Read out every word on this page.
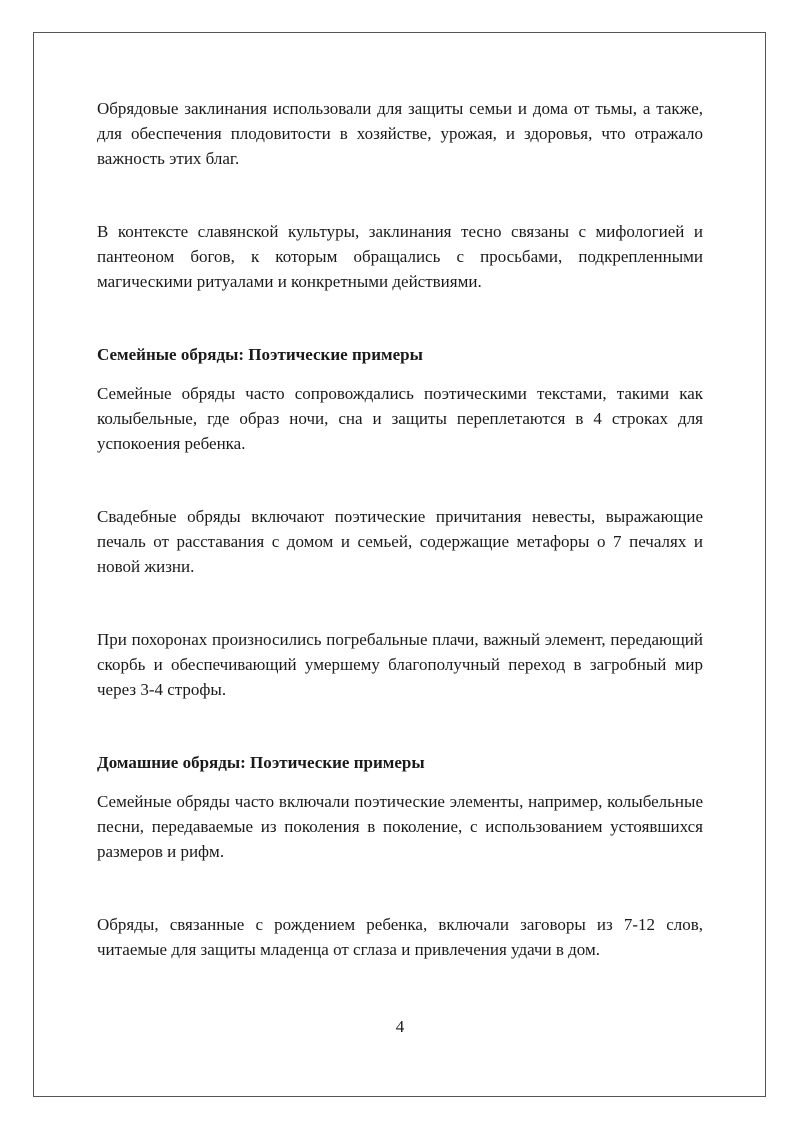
Обрядовые заклинания использовали для защиты семьи и дома от тьмы, а также, для обеспечения плодовитости в хозяйстве, урожая, и здоровья, что отражало важность этих благ.

В контексте славянской культуры, заклинания тесно связаны с мифологией и пантеоном богов, к которым обращались с просьбами, подкрепленными магическими ритуалами и конкретными действиями.

Семейные обряды: Поэтические примеры

Семейные обряды часто сопровождались поэтическими текстами, такими как колыбельные, где образ ночи, сна и защиты переплетаются в 4 строках для успокоения ребенка.

Свадебные обряды включают поэтические причитания невесты, выражающие печаль от расставания с домом и семьей, содержащие метафоры о 7 печалях и новой жизни.

При похоронах произносились погребальные плачи, важный элемент, передающий скорбь и обеспечивающий умершему благополучный переход в загробный мир через 3-4 строфы.

Домашние обряды: Поэтические примеры

Семейные обряды часто включали поэтические элементы, например, колыбельные песни, передаваемые из поколения в поколение, с использованием устоявшихся размеров и рифм.

Обряды, связанные с рождением ребенка, включали заговоры из 7-12 слов, читаемые для защиты младенца от сглаза и привлечения удачи в дом.

4
